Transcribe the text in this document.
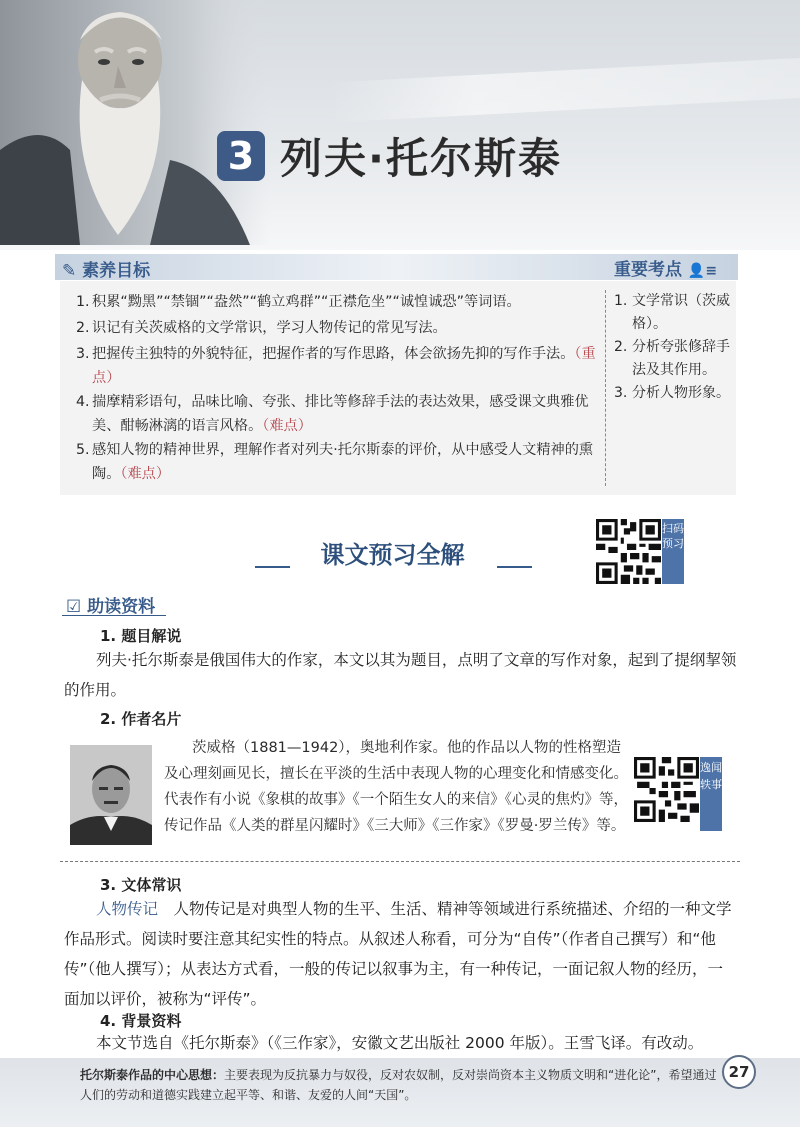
3 列夫·托尔斯泰
✎ 素养目标	重要考点 👤≡
1. 积累“黝黑”“禁锢”“盎然”“鹤立鸡群”“正襟危坐”“诚惶诚恐”等词语。
2. 识记有关茨威格的文学常识，学习人物传记的常见写法。
3. 把握传主独特的外貌特征，把握作者的写作思路，体会欲扬先抑的写作手法。（重点）
4. 揣摩精彩语句，品味比喻、夸张、排比等修辞手法的表达效果，感受课文典雅优美、酣畅淋漓的语言风格。（难点）
5. 感知人物的精神世界，理解作者对列夫·托尔斯泰的评价，从中感受人文精神的熏陶。（难点）
1. 文学常识（茨威格）。
2. 分析夸张修辞手法及其作用。
3. 分析人物形象。
课文预习全解
扫码预习
☑ 助读资料
1. 题目解说
列夫·托尔斯泰是俄国伟大的作家，本文以其为题目，点明了文章的写作对象，起到了提纲挈领的作用。
2. 作者名片
茨威格（1881—1942），奥地利作家。他的作品以人物的性格塑造及心理刻画见长，擅长在平淡的生活中表现人物的心理变化和情感变化。代表作有小说《象棋的故事》《一个陌生女人的来信》《心灵的焦灼》等，传记作品《人类的群星闪耀时》《三大师》《三作家》《罗曼·罗兰传》等。
逸闻轶事
3. 文体常识
人物传记　 人物传记是对典型人物的生平、生活、精神等领域进行系统描述、介绍的一种文学作品形式。阅读时要注意其纪实性的特点。从叙述人称看，可分为“自传”（作者自己撰写）和“他传”（他人撰写）；从表达方式看，一般的传记以叙事为主，有一种传记，一面记叙人物的经历，一面加以评价，被称为“评传”。
4. 背景资料
本文节选自《托尔斯泰》（《三作家》，安徽文艺出版社 2000 年版）。王雪飞译。有改动。
托尔斯泰作品的中心思想：主要表现为反抗暴力与奴役，反对农奴制，反对崇尚资本主义物质文明和“进化论”，希望通过人们的劳动和道德实践建立起平等、和谐、友爱的人间“天国”。
27
